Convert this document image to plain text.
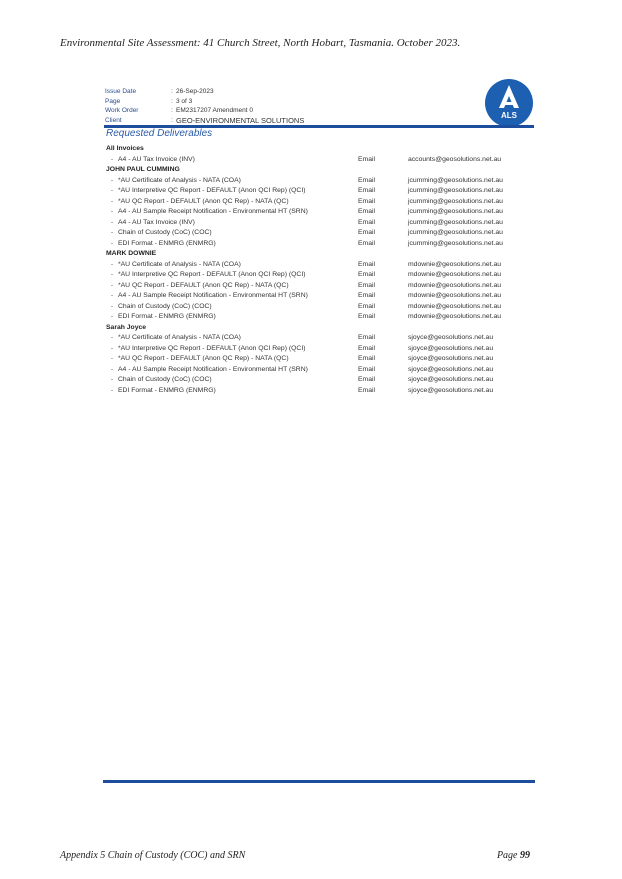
Environmental Site Assessment: 41 Church Street, North Hobart, Tasmania. October 2023.
Issue Date	: 26-Sep-2023
Page	: 3 of 3
Work Order	: EM2317207 Amendment 0
Client	: GEO-ENVIRONMENTAL SOLUTIONS
ALS
Requested Deliverables
All Invoices
- A4 - AU Tax Invoice (INV)	Email	accounts@geosolutions.net.au
JOHN PAUL CUMMING
- *AU Certificate of Analysis - NATA (COA)	Email	jcumming@geosolutions.net.au
- *AU Interpretive QC Report - DEFAULT (Anon QCI Rep) (QCI)	Email	jcumming@geosolutions.net.au
- *AU QC Report - DEFAULT (Anon QC Rep) - NATA (QC)	Email	jcumming@geosolutions.net.au
- A4 - AU Sample Receipt Notification - Environmental HT (SRN)	Email	jcumming@geosolutions.net.au
- A4 - AU Tax Invoice (INV)	Email	jcumming@geosolutions.net.au
- Chain of Custody (CoC) (COC)	Email	jcumming@geosolutions.net.au
- EDI Format - ENMRG (ENMRG)	Email	jcumming@geosolutions.net.au
MARK DOWNIE
- *AU Certificate of Analysis - NATA (COA)	Email	mdownie@geosolutions.net.au
- *AU Interpretive QC Report - DEFAULT (Anon QCI Rep) (QCI)	Email	mdownie@geosolutions.net.au
- *AU QC Report - DEFAULT (Anon QC Rep) - NATA (QC)	Email	mdownie@geosolutions.net.au
- A4 - AU Sample Receipt Notification - Environmental HT (SRN)	Email	mdownie@geosolutions.net.au
- Chain of Custody (CoC) (COC)	Email	mdownie@geosolutions.net.au
- EDI Format - ENMRG (ENMRG)	Email	mdownie@geosolutions.net.au
Sarah Joyce
- *AU Certificate of Analysis - NATA (COA)	Email	sjoyce@geosolutions.net.au
- *AU Interpretive QC Report - DEFAULT (Anon QCI Rep) (QCI)	Email	sjoyce@geosolutions.net.au
- *AU QC Report - DEFAULT (Anon QC Rep) - NATA (QC)	Email	sjoyce@geosolutions.net.au
- A4 - AU Sample Receipt Notification - Environmental HT (SRN)	Email	sjoyce@geosolutions.net.au
- Chain of Custody (CoC) (COC)	Email	sjoyce@geosolutions.net.au
- EDI Format - ENMRG (ENMRG)	Email	sjoyce@geosolutions.net.au
Appendix 5 Chain of Custody (COC) and SRN	Page 99
